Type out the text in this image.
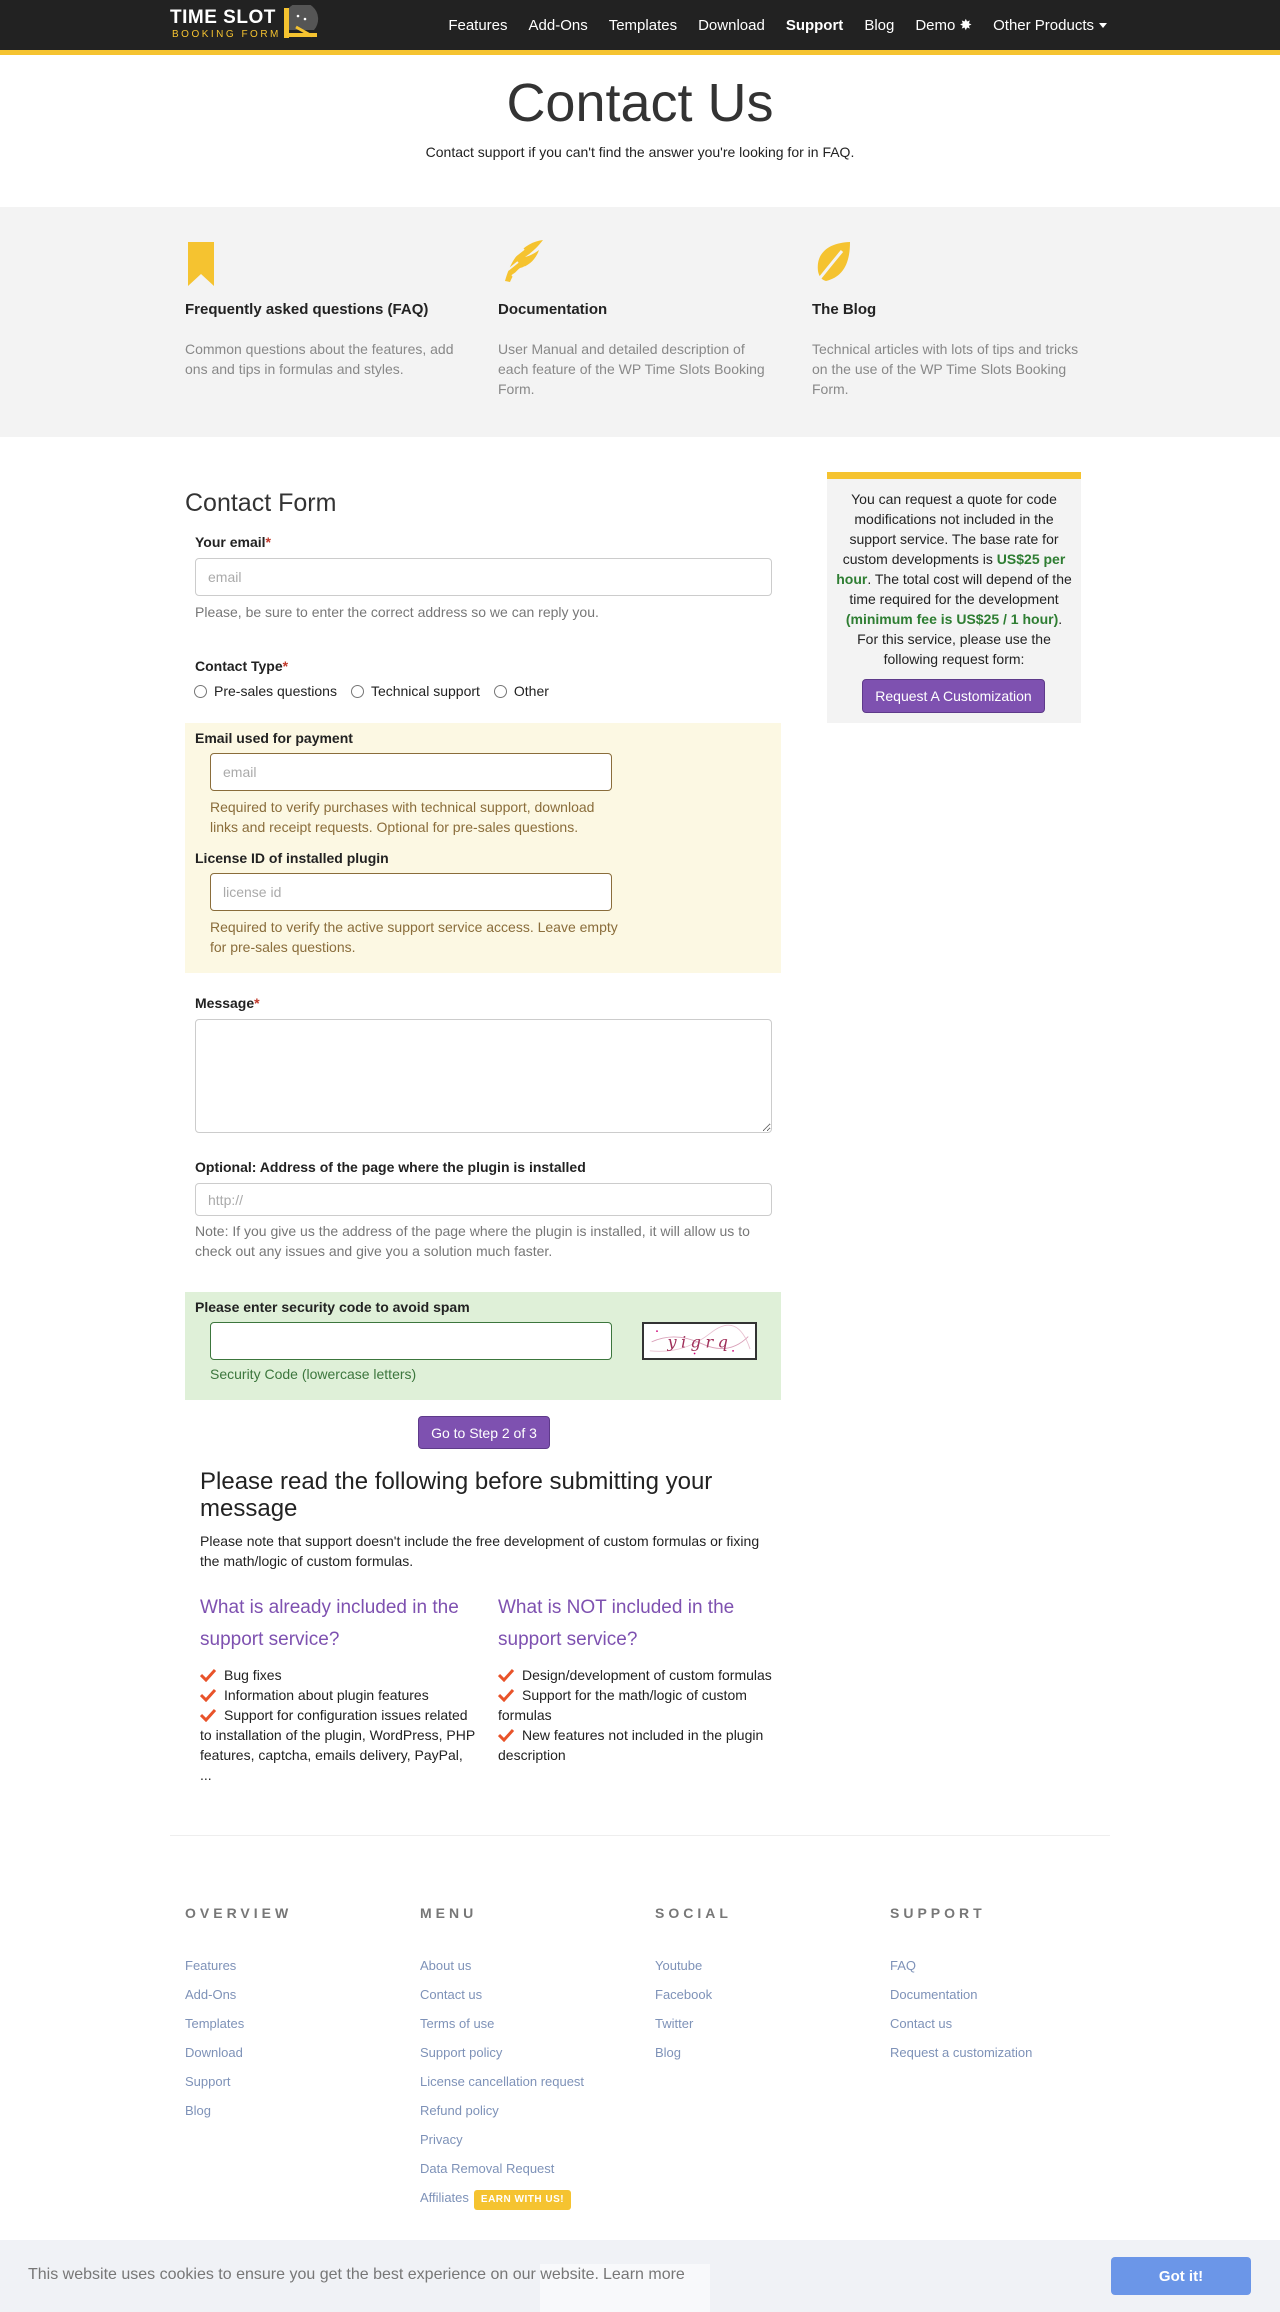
TIME SLOT
BOOKING FORM
Features Add-Ons Templates Download Support Blog Demo ✸ Other Products
Contact Us

Contact support if you can't find the answer you're looking for in FAQ.

Frequently asked questions (FAQ)

Common questions about the features, add ons and tips in formulas and styles.

Documentation

User Manual and detailed description of each feature of the WP Time Slots Booking Form.

The Blog

Technical articles with lots of tips and tricks on the use of the WP Time Slots Booking Form.

Contact Form
Your email*
email
Please, be sure to enter the correct address so we can reply you.
Contact Type*
Pre-sales questions Technical support Other
Email used for payment
email
Required to verify purchases with technical support, download links and receipt requests. Optional for pre-sales questions.
License ID of installed plugin
license id
Required to verify the active support service access. Leave empty for pre-sales questions.
Message*
Optional: Address of the page where the plugin is installed
http://
Note: If you give us the address of the page where the plugin is installed, it will allow us to check out any issues and give you a solution much faster.
Please enter security code to avoid spam
yigrq
Security Code (lowercase letters)
Go to Step 2 of 3

You can request a quote for code modifications not included in the support service. The base rate for custom developments is US$25 per hour. The total cost will depend of the time required for the development (minimum fee is US$25 / 1 hour). For this service, please use the following request form:

Request A Customization
Please read the following before submitting your message

Please note that support doesn't include the free development of custom formulas or fixing the math/logic of custom formulas.

What is already included in the support service?
Bug fixes
Information about plugin features
Support for configuration issues related to installation of the plugin, WordPress, PHP features, captcha, emails delivery, PayPal, ...
What is NOT included in the support service?
Design/development of custom formulas
Support for the math/logic of custom formulas
New features not included in the plugin description
OVERVIEW
Features
Add-Ons
Templates
Download
Support
Blog
MENU
About us
Contact us
Terms of use
Support policy
License cancellation request
Refund policy
Privacy
Data Removal Request
Affiliates EARN WITH US!
SOCIAL
Youtube
Facebook
Twitter
Blog
SUPPORT
FAQ
Documentation
Contact us
Request a customization
This website uses cookies to ensure you get the best experience on our website. Learn more	Got it!
